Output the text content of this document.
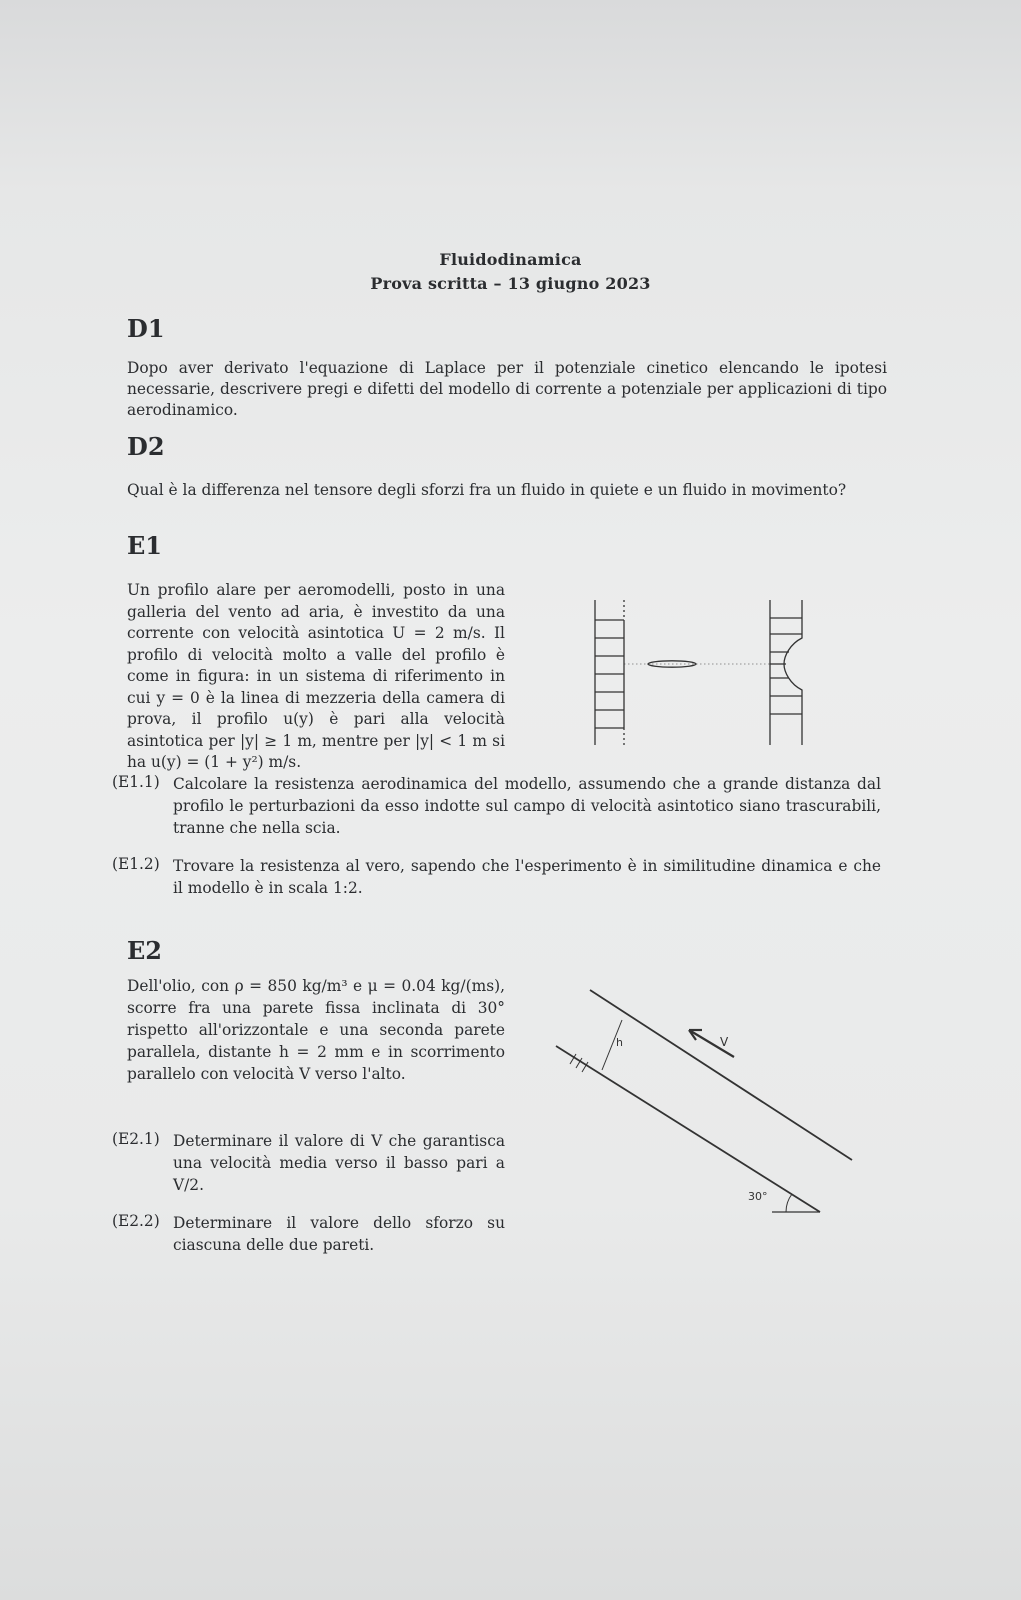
Fluidodinamica
Prova scritta – 13 giugno 2023
D1
Dopo aver derivato l'equazione di Laplace per il potenziale cinetico elencando le ipotesi necessarie, descrivere pregi e difetti del modello di corrente a potenziale per applicazioni di tipo aerodinamico.
D2
Qual è la differenza nel tensore degli sforzi fra un fluido in quiete e un fluido in movimento?
E1
Un profilo alare per aeromodelli, posto in una galleria del vento ad aria, è investito da una corrente con velocità asintotica U = 2 m/s. Il profilo di velocità molto a valle del profilo è come in figura: in un sistema di riferimento in cui y = 0 è la linea di mezzeria della camera di prova, il profilo u(y) è pari alla velocità asintotica per |y| ≥ 1 m, mentre per |y| < 1 m si ha u(y) = (1 + y²) m/s.
(E1.1) Calcolare la resistenza aerodinamica del modello, assumendo che a grande distanza dal profilo le perturbazioni da esso indotte sul campo di velocità asintotico siano trascurabili, tranne che nella scia.
(E1.2) Trovare la resistenza al vero, sapendo che l'esperimento è in similitudine dinamica e che il modello è in scala 1:2.
E2
Dell'olio, con ρ = 850 kg/m³ e μ = 0.04 kg/(ms), scorre fra una parete fissa inclinata di 30° rispetto all'orizzontale e una seconda parete parallela, distante h = 2 mm e in scorrimento parallelo con velocità V verso l'alto.
(E2.1) Determinare il valore di V che garantisca una velocità media verso il basso pari a V/2.
(E2.2) Determinare il valore dello sforzo su ciascuna delle due pareti.
h	V
30°
